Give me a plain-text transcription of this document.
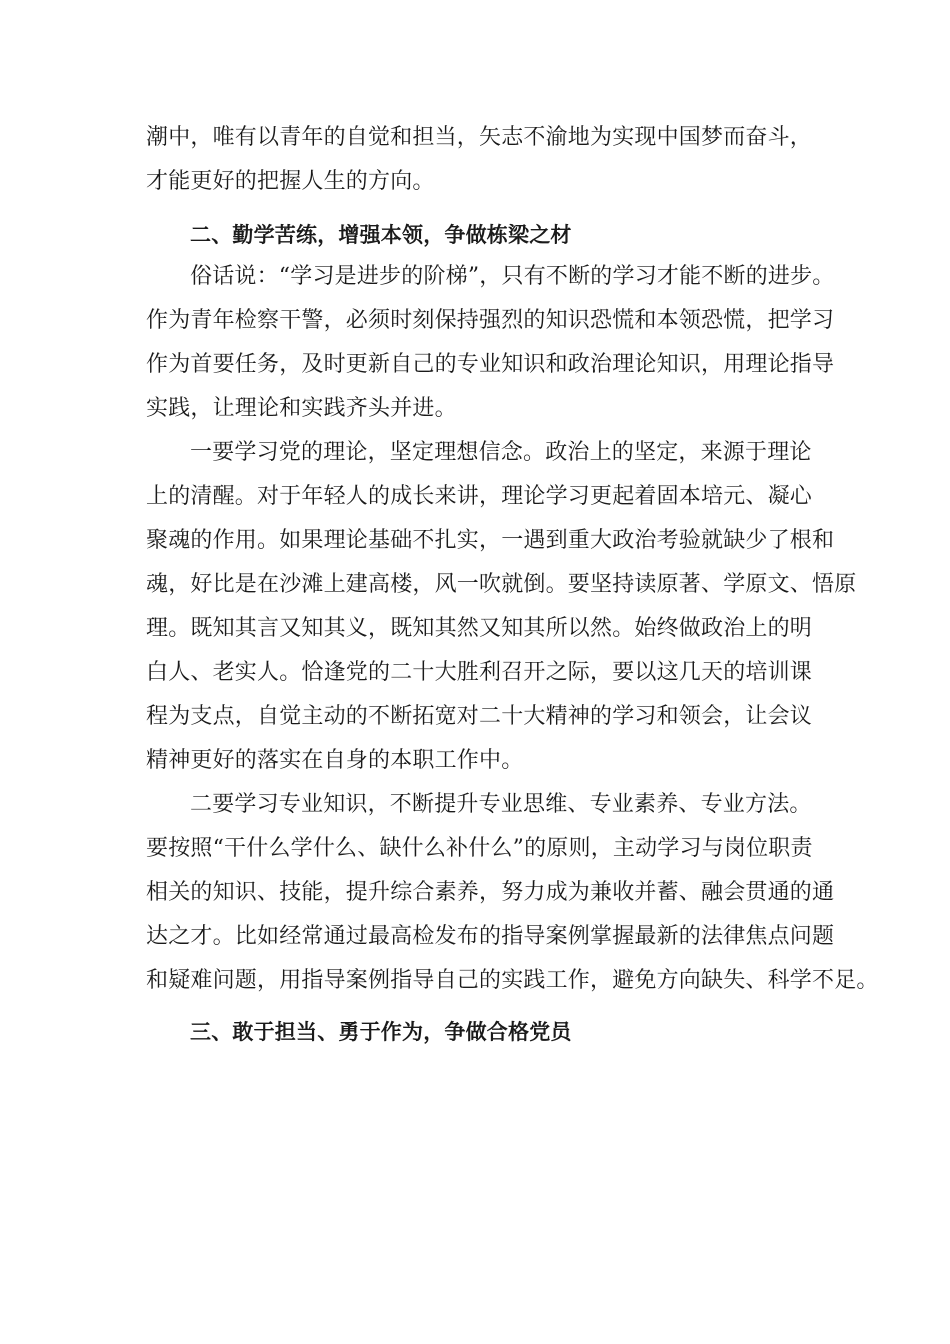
潮中，唯有以青年的自觉和担当，矢志不渝地为实现中国梦而奋斗，
才能更好的把握人生的方向。
二、勤学苦练，增强本领，争做栋梁之材
俗话说：“学习是进步的阶梯”，只有不断的学习才能不断的进步。
作为青年检察干警，必须时刻保持强烈的知识恐慌和本领恐慌，把学习
作为首要任务，及时更新自己的专业知识和政治理论知识，用理论指导
实践，让理论和实践齐头并进。
一要学习党的理论，坚定理想信念。政治上的坚定，来源于理论
上的清醒。对于年轻人的成长来讲，理论学习更起着固本培元、凝心
聚魂的作用。如果理论基础不扎实，一遇到重大政治考验就缺少了根和
魂，好比是在沙滩上建高楼，风一吹就倒。要坚持读原著、学原文、悟原
理。既知其言又知其义，既知其然又知其所以然。始终做政治上的明
白人、老实人。恰逢党的二十大胜利召开之际，要以这几天的培训课
程为支点，自觉主动的不断拓宽对二十大精神的学习和领会，让会议
精神更好的落实在自身的本职工作中。
二要学习专业知识，不断提升专业思维、专业素养、专业方法。
要按照“干什么学什么、缺什么补什么”的原则，主动学习与岗位职责
相关的知识、技能，提升综合素养，努力成为兼收并蓄、融会贯通的通
达之才。比如经常通过最高检发布的指导案例掌握最新的法律焦点问题
和疑难问题，用指导案例指导自己的实践工作，避免方向缺失、科学不足。
三、敢于担当、勇于作为，争做合格党员
